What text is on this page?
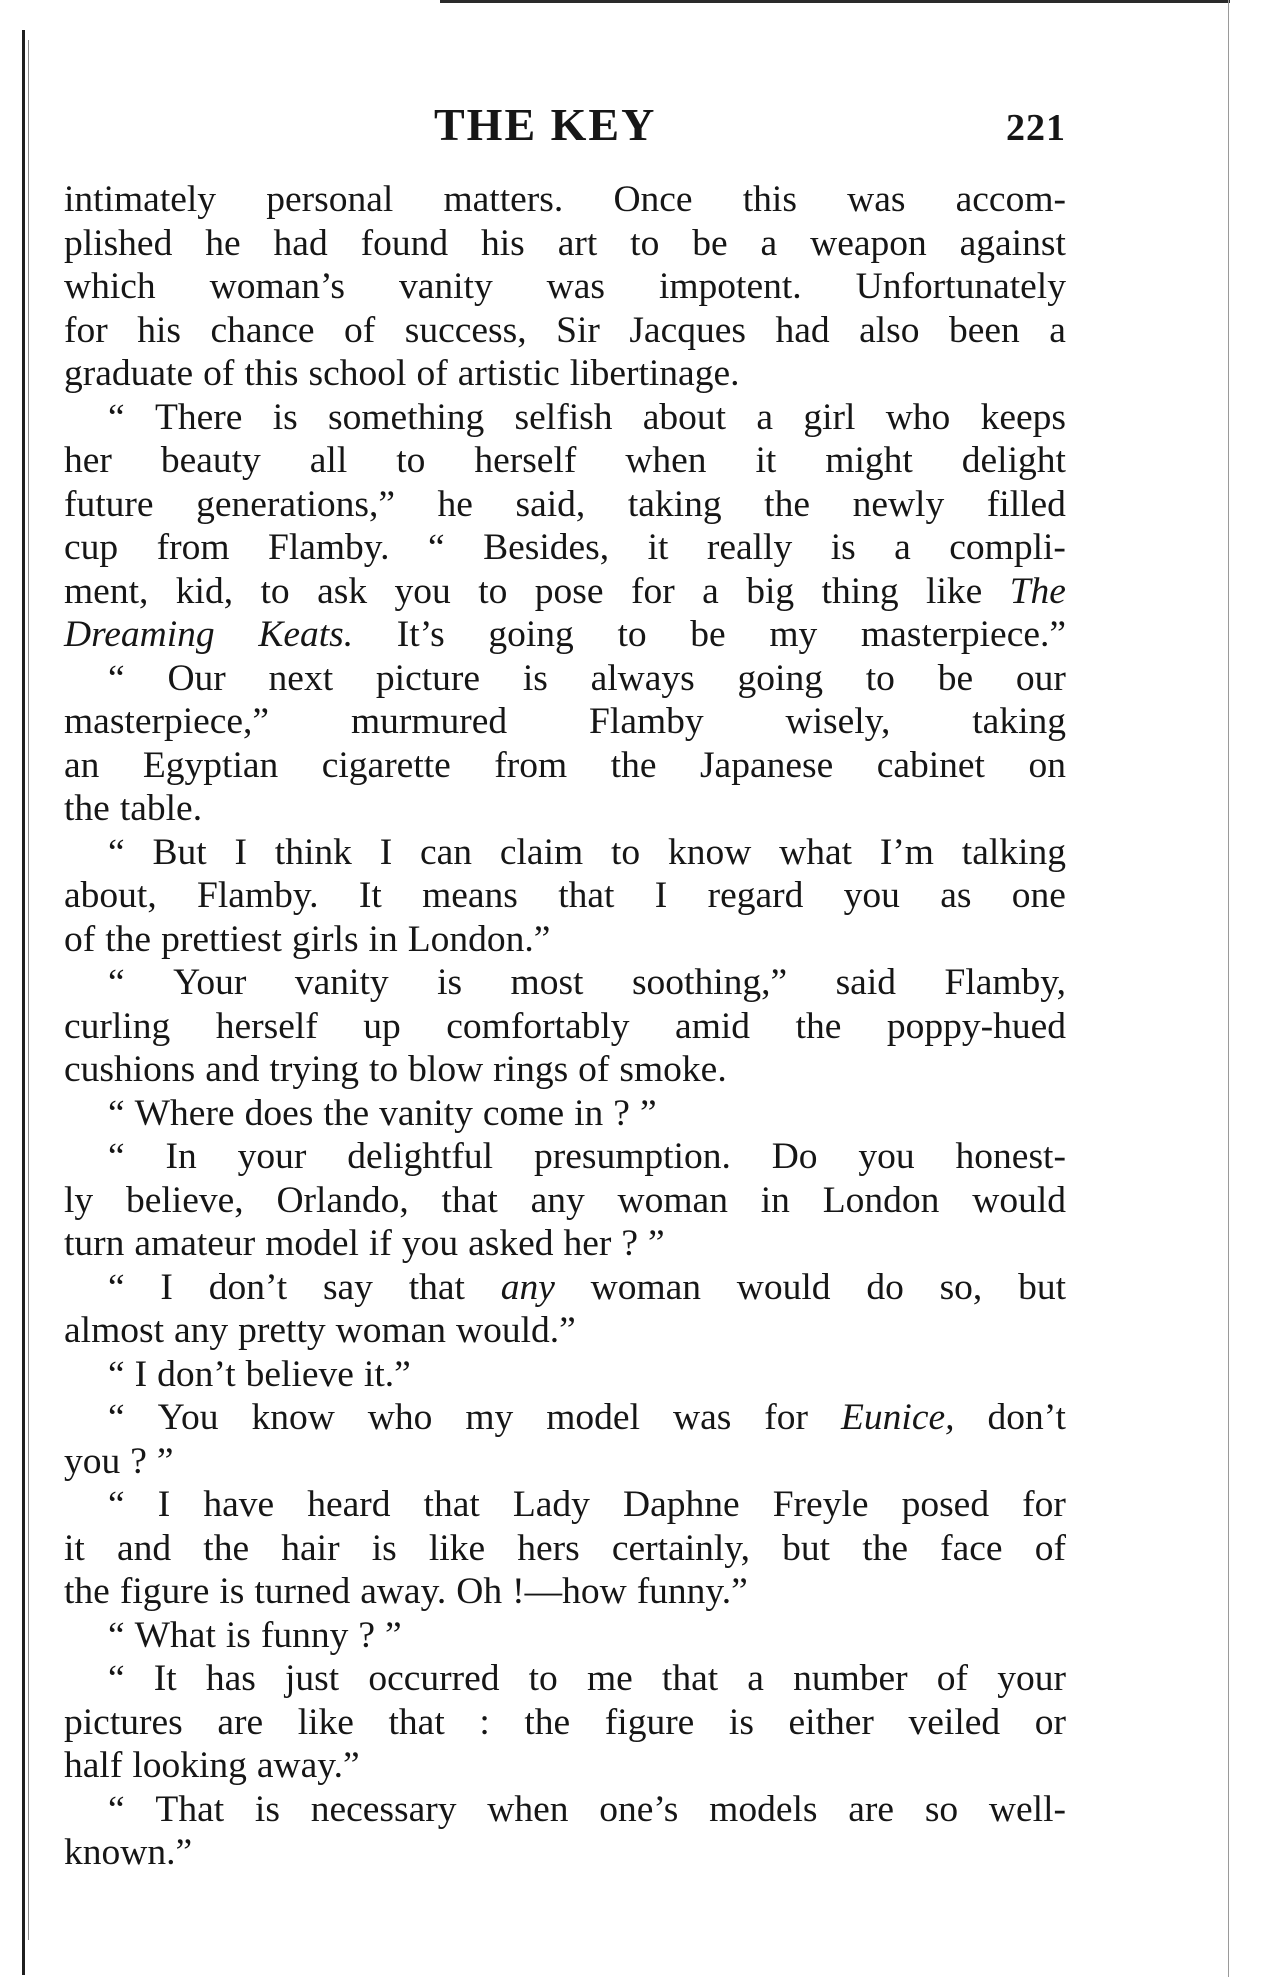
THE KEY	221
intimately personal matters. Once this was accom-
plished he had found his art to be a weapon against
which woman’s vanity was impotent. Unfortunately
for his chance of success, Sir Jacques had also been a
graduate of this school of artistic libertinage.
“ There is something selfish about a girl who keeps
her beauty all to herself when it might delight
future generations,” he said, taking the newly filled
cup from Flamby. “ Besides, it really is a compli-
ment, kid, to ask you to pose for a big thing like The
Dreaming Keats. It’s going to be my masterpiece.”
“ Our next picture is always going to be our
masterpiece,” murmured Flamby wisely, taking
an Egyptian cigarette from the Japanese cabinet on
the table.
“ But I think I can claim to know what I’m talking
about, Flamby. It means that I regard you as one
of the prettiest girls in London.”
“ Your vanity is most soothing,” said Flamby,
curling herself up comfortably amid the poppy-hued
cushions and trying to blow rings of smoke.
“ Where does the vanity come in ? ”
“ In your delightful presumption. Do you honest-
ly believe, Orlando, that any woman in London would
turn amateur model if you asked her ? ”
“ I don’t say that any woman would do so, but
almost any pretty woman would.”
“ I don’t believe it.”
“ You know who my model was for Eunice, don’t
you ? ”
“ I have heard that Lady Daphne Freyle posed for
it and the hair is like hers certainly, but the face of
the figure is turned away. Oh !—how funny.”
“ What is funny ? ”
“ It has just occurred to me that a number of your
pictures are like that : the figure is either veiled or
half looking away.”
“ That is necessary when one’s models are so well-
known.”
